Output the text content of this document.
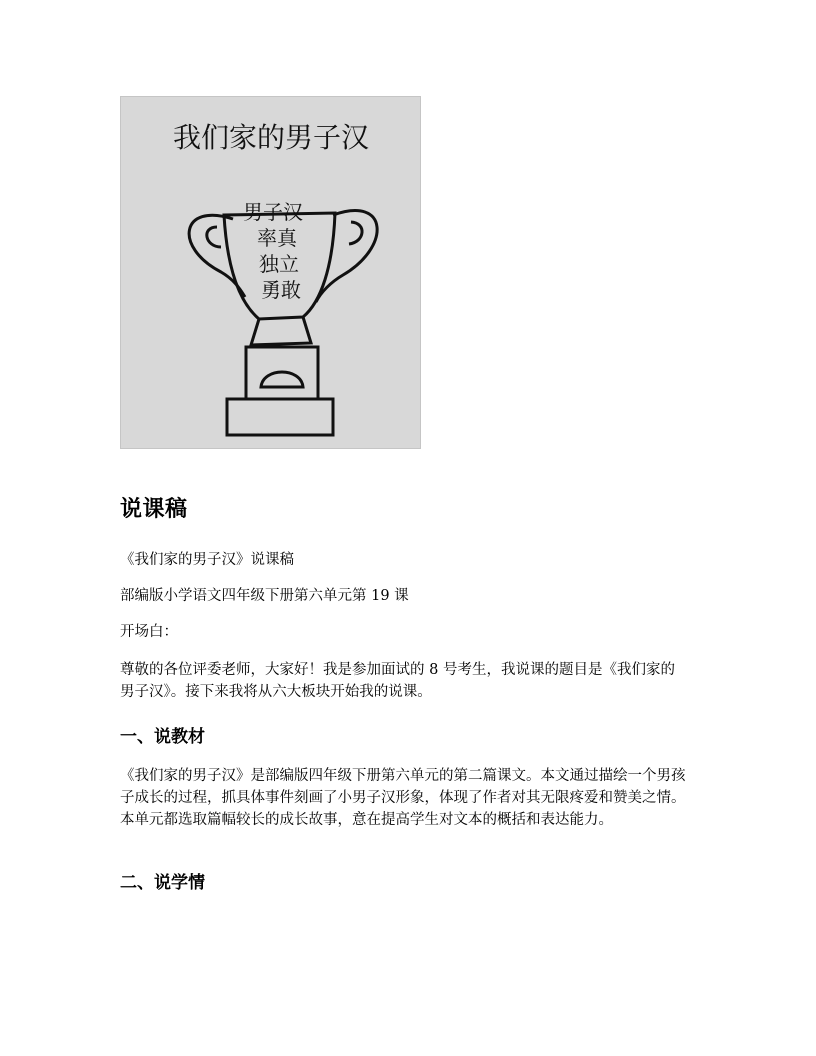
我们家的男子汉
男子汉
率真
独立
勇敢
说课稿

《我们家的男子汉》说课稿

部编版小学语文四年级下册第六单元第 19 课

开场白：

尊敬的各位评委老师，大家好！我是参加面试的 8 号考生，我说课的题目是《我们家的男子汉》。接下来我将从六大板块开始我的说课。

一、说教材

《我们家的男子汉》是部编版四年级下册第六单元的第二篇课文。本文通过描绘一个男孩子成长的过程，抓具体事件刻画了小男子汉形象，体现了作者对其无限疼爱和赞美之情。本单元都选取篇幅较长的成长故事，意在提高学生对文本的概括和表达能力。

二、说学情
